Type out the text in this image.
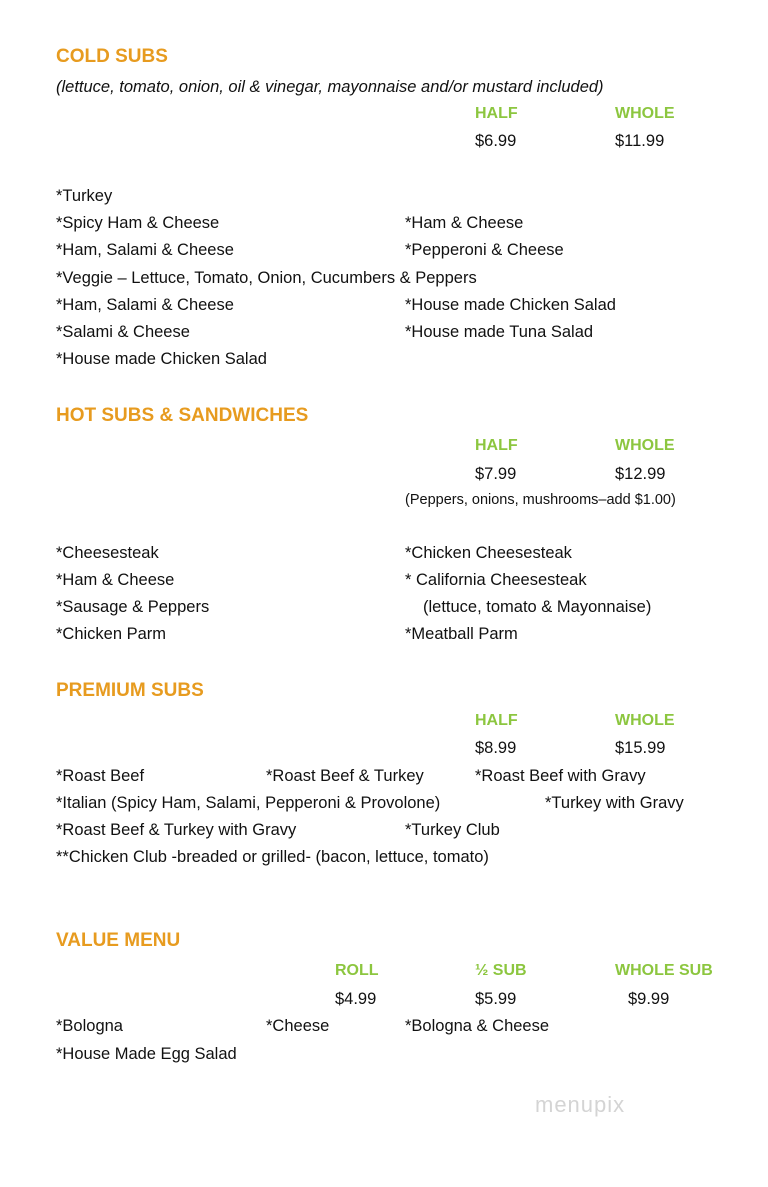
COLD SUBS
(lettuce, tomato, onion, oil & vinegar, mayonnaise and/or mustard included)
HALF	WHOLE
$6.99	$11.99
*Turkey
*Spicy Ham & Cheese	*Ham & Cheese
*Ham, Salami & Cheese	*Pepperoni & Cheese
*Veggie – Lettuce, Tomato, Onion, Cucumbers & Peppers
*Ham, Salami & Cheese	*House made Chicken Salad
*Salami & Cheese	*House made Tuna Salad
*House made Chicken Salad
HOT SUBS & SANDWICHES
HALF	WHOLE
$7.99	$12.99
(Peppers, onions, mushrooms–add $1.00)
*Cheesesteak	*Chicken Cheesesteak
*Ham & Cheese	* California Cheesesteak
*Sausage & Peppers	(lettuce, tomato & Mayonnaise)
*Chicken Parm	*Meatball Parm
PREMIUM SUBS
HALF	WHOLE
$8.99	$15.99
*Roast Beef	*Roast Beef & Turkey	*Roast Beef with Gravy
*Italian (Spicy Ham, Salami, Pepperoni & Provolone)	*Turkey with Gravy
*Roast Beef & Turkey with Gravy	*Turkey Club
**Chicken Club -breaded or grilled- (bacon, lettuce, tomato)
VALUE MENU
ROLL	½ SUB	WHOLE SUB
$4.99	$5.99	$9.99
*Bologna	*Cheese	*Bologna & Cheese
*House Made Egg Salad
menupix
